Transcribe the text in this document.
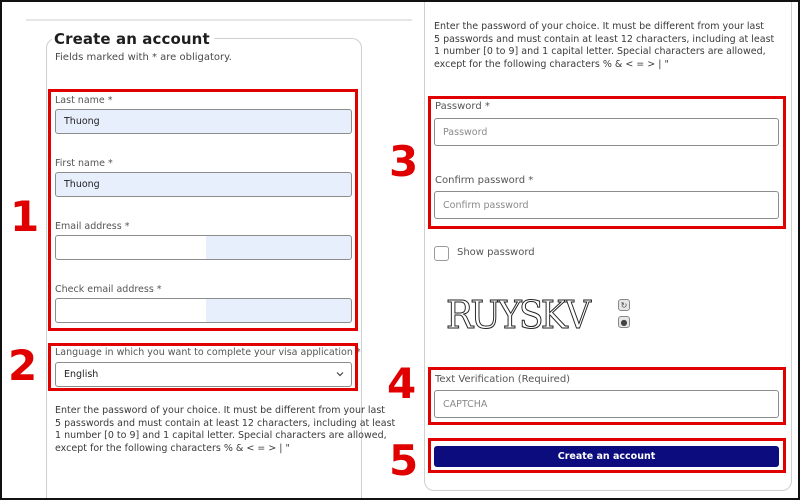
Create an account
Fields marked with * are obligatory.
Last name *
Thuong
First name *
Thuong
Email address *
Check email address *
Language in which you want to complete your visa application *
English
Enter the password of your choice. It must be different from your last
5 passwords and must contain at least 12 characters, including at least
1 number [0 to 9] and 1 capital letter. Special characters are allowed,
except for the following characters % & < = > | "
Enter the password of your choice. It must be different from your last
5 passwords and must contain at least 12 characters, including at least
1 number [0 to 9] and 1 capital letter. Special characters are allowed,
except for the following characters % & < = > | "
Password *
Password
Confirm password *
Confirm password
Show password
RUYSKV	↻
●
Text Verification (Required)
CAPTCHA
Create an account
1
2
3
4
5
